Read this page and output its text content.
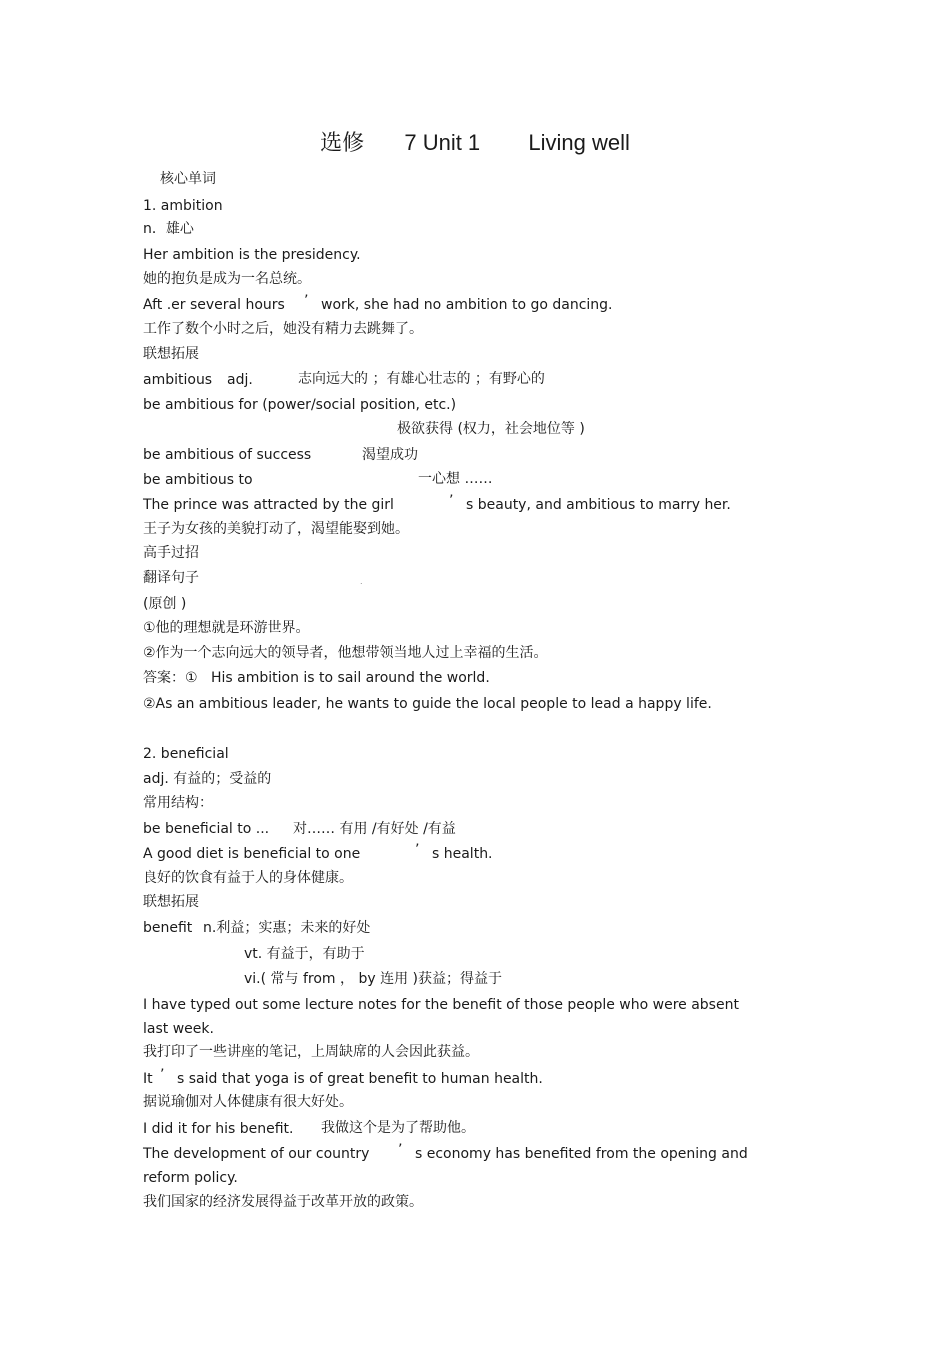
选修 7 Unit 1 Living well
核心单词
1. ambition
n．雄心
Her ambition is the presidency.
她的抱负是成为一名总统。
Aft .er several hours ’ work, she had no ambition to go dancing.
工作了数个小时之后，她没有精力去跳舞了。
联想拓展
ambitious adj.	志向远大的 ；有雄心壮志的 ；有野心的
be ambitious for (power/social position, etc.)
极欲获得 (权力，社会地位等 )
be ambitious of success	渴望成功
be ambitious to	一心想 ……
The prince was attracted by the girl	’ s beauty, and ambitious to marry her.
王子为女孩的美貌打动了，渴望能娶到她。
高手过招
翻译句子	.
(原创 )
①他的理想就是环游世界。
②作为一个志向远大的领导者，他想带领当地人过上幸福的生活。
答案：① His ambition is to sail around the world.
②As an ambitious leader, he wants to guide the local people to lead a happy life.
2. beneficial
adj. 有益的；受益的
常用结构：
be beneficial to ... 对…… 有用 /有好处 /有益
A good diet is beneficial to one	’ s health.
良好的饮食有益于人的身体健康。
联想拓展
benefit n.利益；实惠；未来的好处
vt. 有益于，有助于
vi.( 常与 from ， by 连用 )获益；得益于
I have typed out some lecture notes for the benefit of those people who were absent
last week.
我打印了一些讲座的笔记，上周缺席的人会因此获益。
It ’ s said that yoga is of great benefit to human health.
据说瑜伽对人体健康有很大好处。
I did it for his benefit. 我做这个是为了帮助他。
The development of our country ’ s economy has benefited from the opening and
reform policy.
我们国家的经济发展得益于改革开放的政策。
